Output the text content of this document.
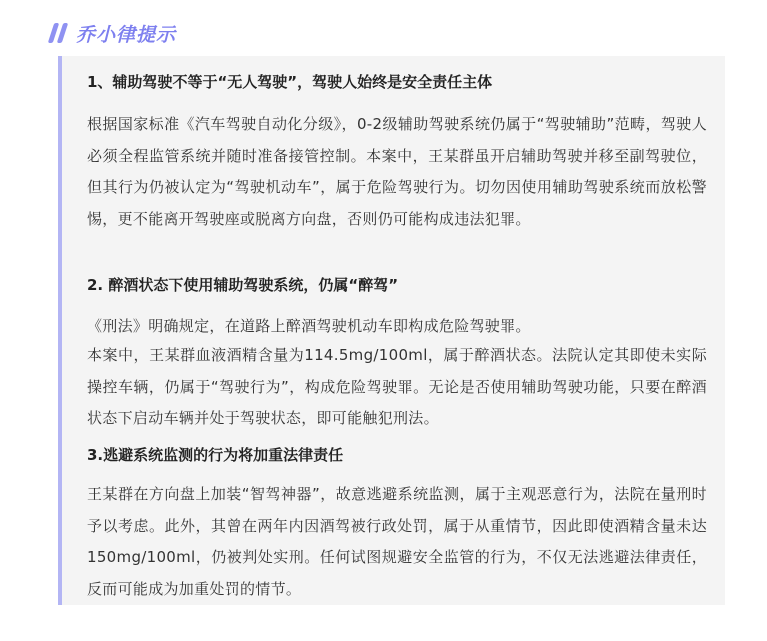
乔小律提示
1、辅助驾驶不等于“无人驾驶”，驾驶人始终是安全责任主体
根据国家标准《汽车驾驶自动化分级》，0-2级辅助驾驶系统仍属于“驾驶辅助”范畴，驾驶人必须全程监管系统并随时准备接管控制。本案中，王某群虽开启辅助驾驶并移至副驾驶位，但其行为仍被认定为“驾驶机动车”，属于危险驾驶行为。切勿因使用辅助驾驶系统而放松警惕，更不能离开驾驶座或脱离方向盘，否则仍可能构成违法犯罪。
2. 醉酒状态下使用辅助驾驶系统，仍属“醉驾”
《刑法》明确规定，在道路上醉酒驾驶机动车即构成危险驾驶罪。
本案中，王某群血液酒精含量为114.5mg/100ml，属于醉酒状态。法院认定其即使未实际操控车辆，仍属于“驾驶行为”，构成危险驾驶罪。无论是否使用辅助驾驶功能，只要在醉酒状态下启动车辆并处于驾驶状态，即可能触犯刑法。
3.逃避系统监测的行为将加重法律责任
王某群在方向盘上加装“智驾神器”，故意逃避系统监测，属于主观恶意行为，法院在量刑时予以考虑。此外，其曾在两年内因酒驾被行政处罚，属于从重情节，因此即使酒精含量未达150mg/100ml，仍被判处实刑。任何试图规避安全监管的行为，不仅无法逃避法律责任，反而可能成为加重处罚的情节。
